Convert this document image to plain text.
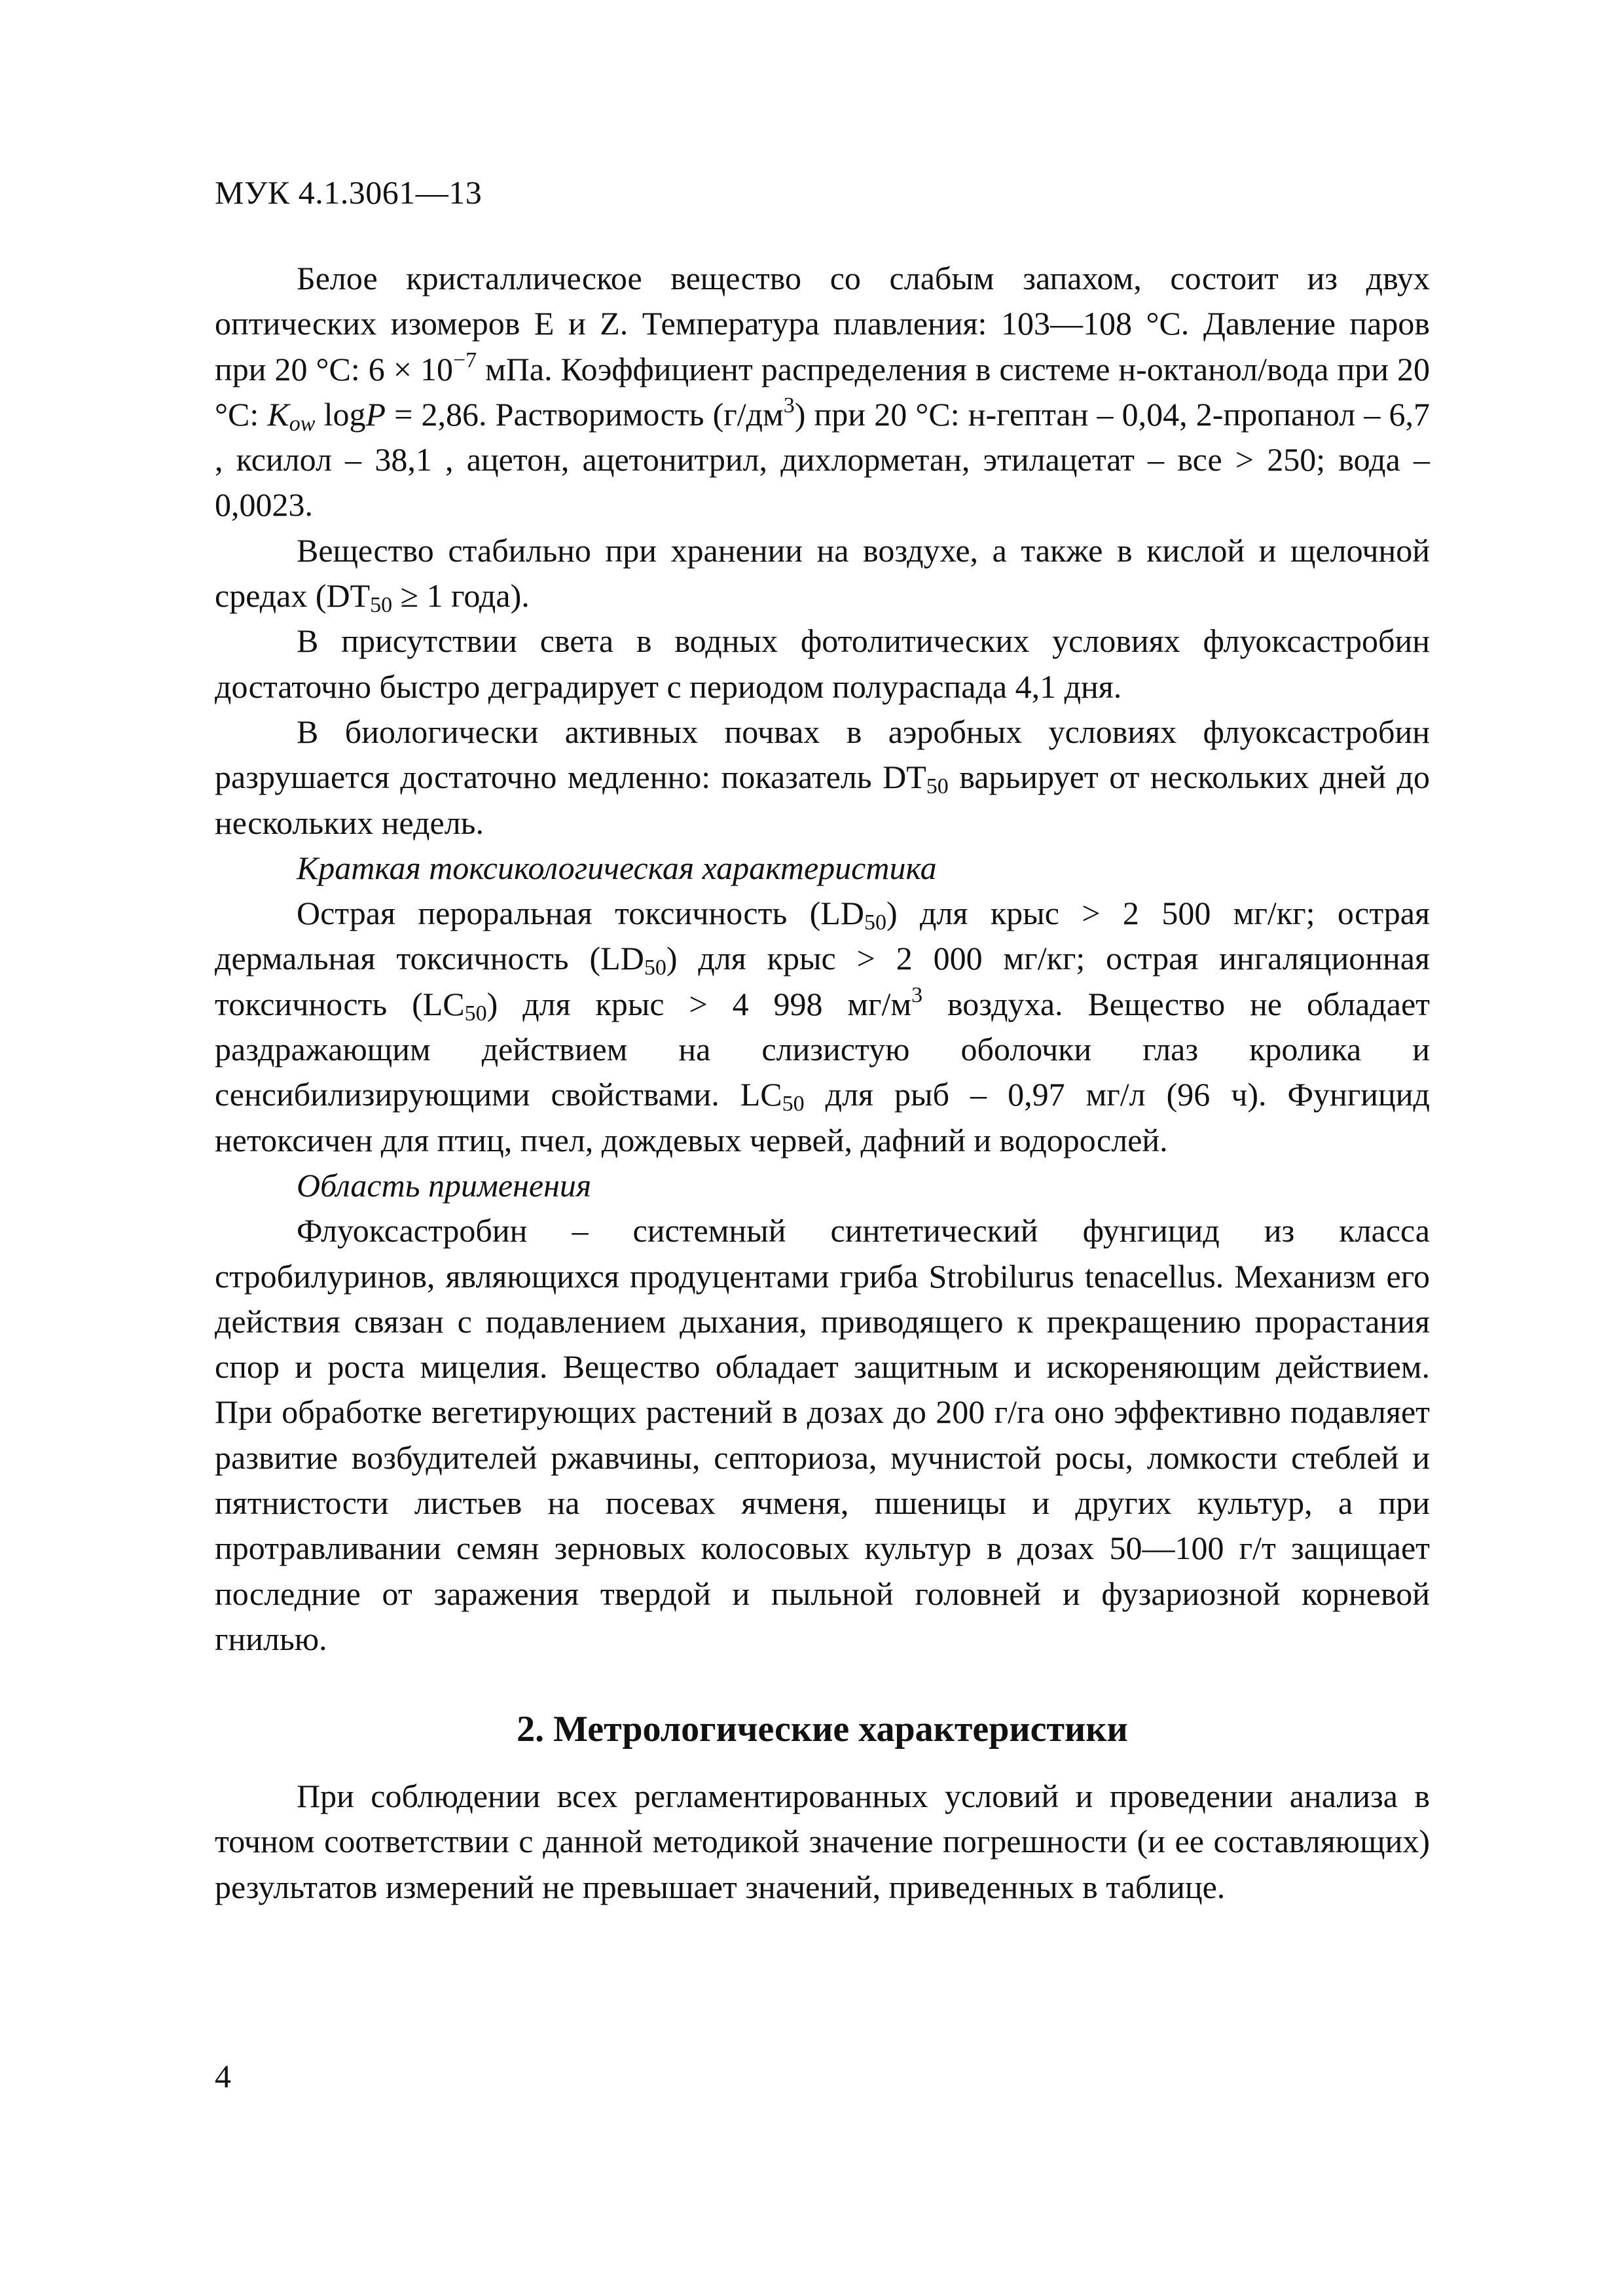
МУК 4.1.3061—13

Белое кристаллическое вещество со слабым запахом, состоит из двух оптических изомеров E и Z. Температура плавления: 103—108 °С. Давление паров при 20 °С: $6 \times 10^{-7}$ мПа. Коэффициент распределения в системе н-октанол/вода при 20 °С: $K_{ow}$ logP = 2,86. Растворимость $(г/дм^3)$ при 20 °С: н-гептан – 0,04, 2-пропанол – 6,7 , ксилол – 38,1 , ацетон, ацетонитрил, дихлорметан, этилацетат – все > 250; вода – 0,0023.

Вещество стабильно при хранении на воздухе, а также в кислой и щелочной средах ($DT_{50} \ge 1$ года).

В присутствии света в водных фотолитических условиях флуоксастробин достаточно быстро деградирует с периодом полураспада 4,1 дня.

В биологически активных почвах в аэробных условиях флуоксастробин разрушается достаточно медленно: показатель $DT_{50}$ варьирует от нескольких дней до нескольких недель.

Краткая токсикологическая характеристика

Острая пероральная токсичность $(LD_{50})$ для крыс > 2 500 мг/кг; острая дермальная токсичность $(LD_{50})$ для крыс > 2 000 мг/кг; острая ингаляционная токсичность $(LC_{50})$ для крыс > 4 998 $мг/м^3$ воздуха. Вещество не обладает раздражающим действием на слизистую оболочки глаз кролика и сенсибилизирующими свойствами. $LC_{50}$ для рыб – 0,97 мг/л (96 ч). Фунгицид нетоксичен для птиц, пчел, дождевых червей, дафний и водорослей.

Область применения

Флуоксастробин – системный синтетический фунгицид из класса стробилуринов, являющихся продуцентами гриба Strobilurus tenacellus. Механизм его действия связан с подавлением дыхания, приводящего к прекращению прорастания спор и роста мицелия. Вещество обладает защитным и искореняющим действием. При обработке вегетирующих растений в дозах до 200 г/га оно эффективно подавляет развитие возбудителей ржавчины, септориоза, мучнистой росы, ломкости стеблей и пятнистости листьев на посевах ячменя, пшеницы и других культур, а при протравливании семян зерновых колосовых культур в дозах 50—100 г/т защищает последние от заражения твердой и пыльной головней и фузариозной корневой гнилью.

2. Метрологические характеристики

При соблюдении всех регламентированных условий и проведении анализа в точном соответствии с данной методикой значение погрешности (и ее составляющих) результатов измерений не превышает значений, приведенных в таблице.

4
